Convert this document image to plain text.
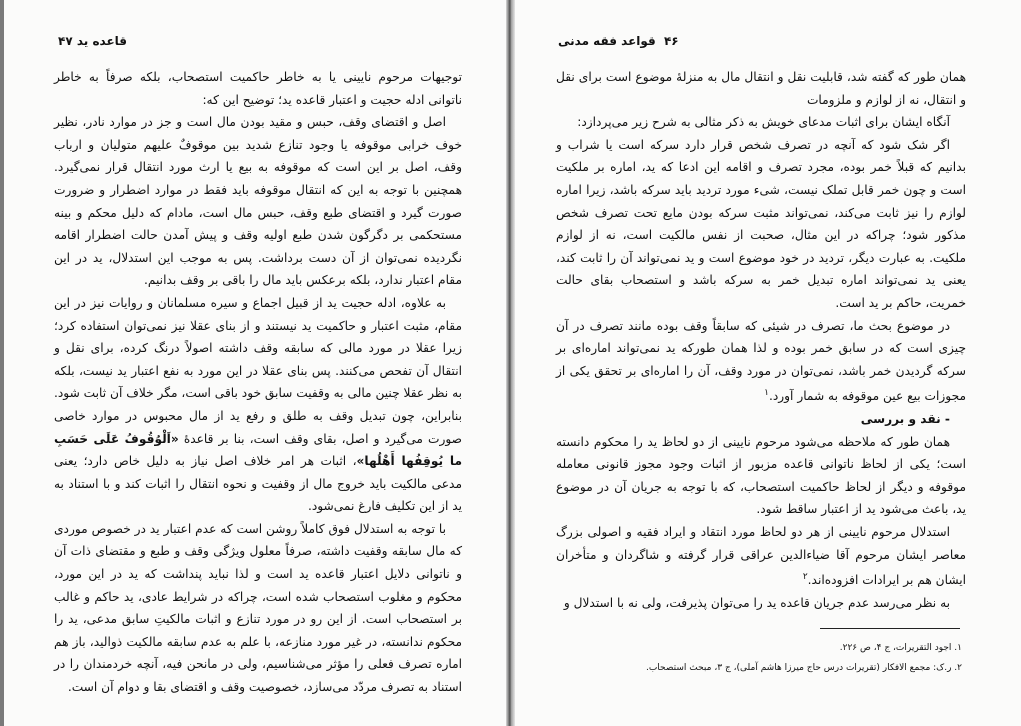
قاعده ید ۴۷	۴۶ قواعد فقه مدنی

توجیهات مرحوم نایینی یا به خاطر حاکمیت استصحاب، بلکه صرفاً به خاطر ناتوانی ادله حجیت و اعتبار قاعده ید؛ توضیح این که:

اصل و اقتضای وقف، حبس و مقید بودن مال است و جز در موارد نادر، نظیر خوف خرابی موقوفه یا وجود تنازع شدید بین موقوفٌ علیهم متولیان و ارباب وقف، اصل بر این است که موقوفه به بیع یا ارث مورد انتقال قرار نمی‌گیرد. همچنین با توجه به این که انتقال موقوفه باید فقط در موارد اضطرار و ضرورت صورت گیرد و اقتضای طبع وقف، حبس مال است، مادام که دلیل محکم و بینه مستحکمی بر دگرگون شدن طبع اولیه وقف و پیش آمدن حالت اضطرار اقامه نگردیده نمی‌توان از آن دست برداشت. پس به موجب این استدلال، ید در این مقام اعتبار ندارد، بلکه برعکس باید مال را باقی بر وقف بدانیم.

به علاوه، ادله حجیت ید از قبیل اجماع و سیره مسلمانان و روایات نیز در این مقام، مثبت اعتبار و حاکمیت ید نیستند و از بنای عقلا نیز نمی‌توان استفاده کرد؛ زیرا عقلا در مورد مالی که سابقه وقف داشته اصولاً درنگ کرده، برای نقل و انتقال آن تفحص می‌کنند. پس بنای عقلا در این مورد به نفع اعتبار ید نیست، بلکه به نظر عقلا چنین مالی به وقفیت سابق خود باقی است، مگر خلاف آن ثابت شود. بنابراین، چون تبدیل وقف به طلق و رفع ید از مال محبوس در موارد خاصی صورت می‌گیرد و اصل، بقای وقف است، بنا بر قاعدهٔ «اَلْوُقُوفُ عَلَى حَسَبِ ما يُوقِفُها أَهْلُها»، اثبات هر امر خلاف اصل نیاز به دلیل خاص دارد؛ یعنی مدعی مالکیت باید خروج مال از وقفیت و نحوه انتقال را اثبات کند و با استناد به ید از این تکلیف فارغ نمی‌شود.

با توجه به استدلال فوق کاملاً روشن است که عدم اعتبار ید در خصوص موردی که مال سابقه وقفیت داشته، صرفاً معلول ویژگی وقف و طبع و مقتضای ذات آن و ناتوانی دلایل اعتبار قاعده ید است و لذا نباید پنداشت که ید در این مورد، محکوم و مغلوب استصحاب شده است، چراکه در شرایط عادی، ید حاکم و غالب بر استصحاب است. از این رو در مورد تنازع و اثبات مالکیتِ سابق مدعی، ید را محکوم ندانسته، در غیر مورد منازعه، با علم به عدم سابقه مالکیت ذوالید، باز هم اماره تصرف فعلی را مؤثر می‌شناسیم، ولی در مانحن فیه، آنچه خردمندان را در استناد به تصرف مردّد می‌سازد، خصوصیت وقف و اقتضای بقا و دوام آن است.

همان طور که گفته شد، قابلیت نقل و انتقال مال به منزلهٔ موضوع است برای نقل و انتقال، نه از لوازم و ملزومات

آنگاه ایشان برای اثبات مدعای خویش به ذکر مثالی به شرح زیر می‌پردازد:

اگر شک شود که آنچه در تصرف شخص قرار دارد سرکه است یا شراب و بدانیم که قبلاً خمر بوده، مجرد تصرف و اقامه این ادعا که ید، اماره بر ملکیت است و چون خمر قابل تملک نیست، شیء مورد تردید باید سرکه باشد، زیرا اماره لوازم را نیز ثابت می‌کند، نمی‌تواند مثبت سرکه بودن مایع تحت تصرف شخص مذکور شود؛ چراکه در این مثال، صحبت از نفس مالکیت است، نه از لوازم ملکیت. به عبارت دیگر، تردید در خود موضوع است و ید نمی‌تواند آن را ثابت کند، یعنی ید نمی‌تواند اماره تبدیل خمر به سرکه باشد و استصحاب بقای حالت خمریت، حاکم بر ید است.

در موضوع بحث ما، تصرف در شیئی که سابقاً وقف بوده مانند تصرف در آن چیزی است که در سابق خمر بوده و لذا همان طورکه ید نمی‌تواند اماره‌ای بر سرکه گردیدن خمر باشد، نمی‌توان در مورد وقف، آن را اماره‌ای بر تحقق یکی از مجوزات بیع عین موقوفه به شمار آورد.$^۱$

- نقد و بررسی

همان طور که ملاحظه می‌شود مرحوم نایینی از دو لحاظ ید را محکوم دانسته است؛ یکی از لحاظ ناتوانی قاعده مزبور از اثبات وجود مجوز قانونی معامله موقوفه و دیگر از لحاظ حاکمیت استصحاب، که با توجه به جریان آن در موضوع ید، باعث می‌شود ید از اعتبار ساقط شود.

استدلال مرحوم نایینی از هر دو لحاظ مورد انتقاد و ایراد فقیه و اصولی بزرگ معاصر ایشان مرحوم آقا ضیاءالدین عراقی قرار گرفته و شاگردان و متأخران ایشان هم بر ایرادات افزوده‌اند.$^۲$

به نظر می‌رسد عدم جریان قاعده ید را می‌توان پذیرفت، ولی نه با استدلال و

۱. اجود التقریرات، ج ۴، ص ۲۲۶.
۲. ر.ک: مجمع الافکار (تقریرات درس حاج میرزا هاشم آملی)، ج ۳، مبحث استصحاب.
